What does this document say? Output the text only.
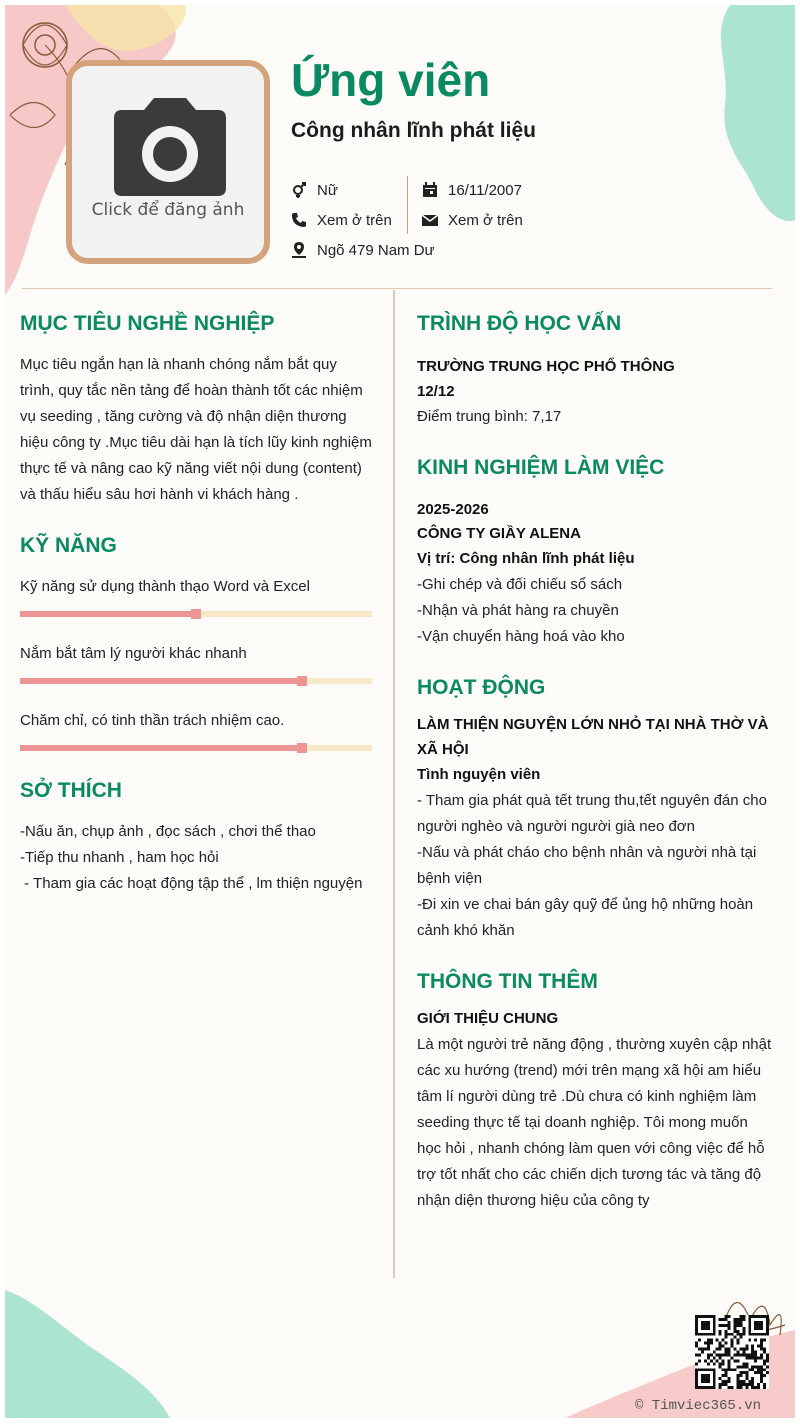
Click để đăng ảnh
Ứng viên
Công nhân lĩnh phát liệu
Nữ	16/11/2007
Xem ở trên	Xem ở trên
Ngõ 479 Nam Dư
MỤC TIÊU NGHỀ NGHIỆP

Mục tiêu ngắn hạn là nhanh chóng nắm bắt quy trình, quy tắc nền tảng để hoàn thành tốt các nhiệm vụ seeding , tăng cường và độ nhận diện thương hiệu công ty .Mục tiêu dài hạn là tích lũy kinh nghiệm thực tế và nâng cao kỹ năng viết nội dung (content) và thấu hiểu sâu hơi hành vi khách hàng .

KỸ NĂNG

Kỹ năng sử dụng thành thạo Word và Excel

Nắm bắt tâm lý người khác nhanh

Chăm chỉ, có tinh thần trách nhiệm cao.

SỞ THÍCH

-Nấu ăn, chụp ảnh , đọc sách , chơi thể thao

-Tiếp thu nhanh , ham học hỏi

- Tham gia các hoạt động tập thể , lm thiện nguyện

TRÌNH ĐỘ HỌC VẤN

TRƯỜNG TRUNG HỌC PHỔ THÔNG

12/12

Điểm trung bình: 7,17

KINH NGHIỆM LÀM VIỆC

2025-2026

CÔNG TY GIẦY ALENA

Vị trí: Công nhân lĩnh phát liệu

-Ghi chép và đối chiếu sổ sách

-Nhận và phát hàng ra chuyền

-Vận chuyển hàng hoá vào kho

HOẠT ĐỘNG

LÀM THIỆN NGUYỆN LỚN NHỎ TẠI NHÀ THỜ VÀ XÃ HỘI

Tình nguyện viên

- Tham gia phát quà tết trung thu,tết nguyên đán cho người nghèo và người người già neo đơn

-Nấu và phát cháo cho bệnh nhân và người nhà tại bệnh viện

-Đi xin ve chai bán gây quỹ để ủng hộ những hoàn cảnh khó khăn

THÔNG TIN THÊM

GIỚI THIỆU CHUNG

Là một người trẻ năng động , thường xuyên cập nhật các xu hướng (trend) mới trên mạng xã hội am hiểu tâm lí người dùng trẻ .Dù chưa có kinh nghiệm làm seeding thực tế tại doanh nghiệp. Tôi mong muốn học hỏi , nhanh chóng làm quen với công việc để hỗ trợ tốt nhất cho các chiến dịch tương tác và tăng độ nhận diện thương hiệu của công ty

© Timviec365.vn
